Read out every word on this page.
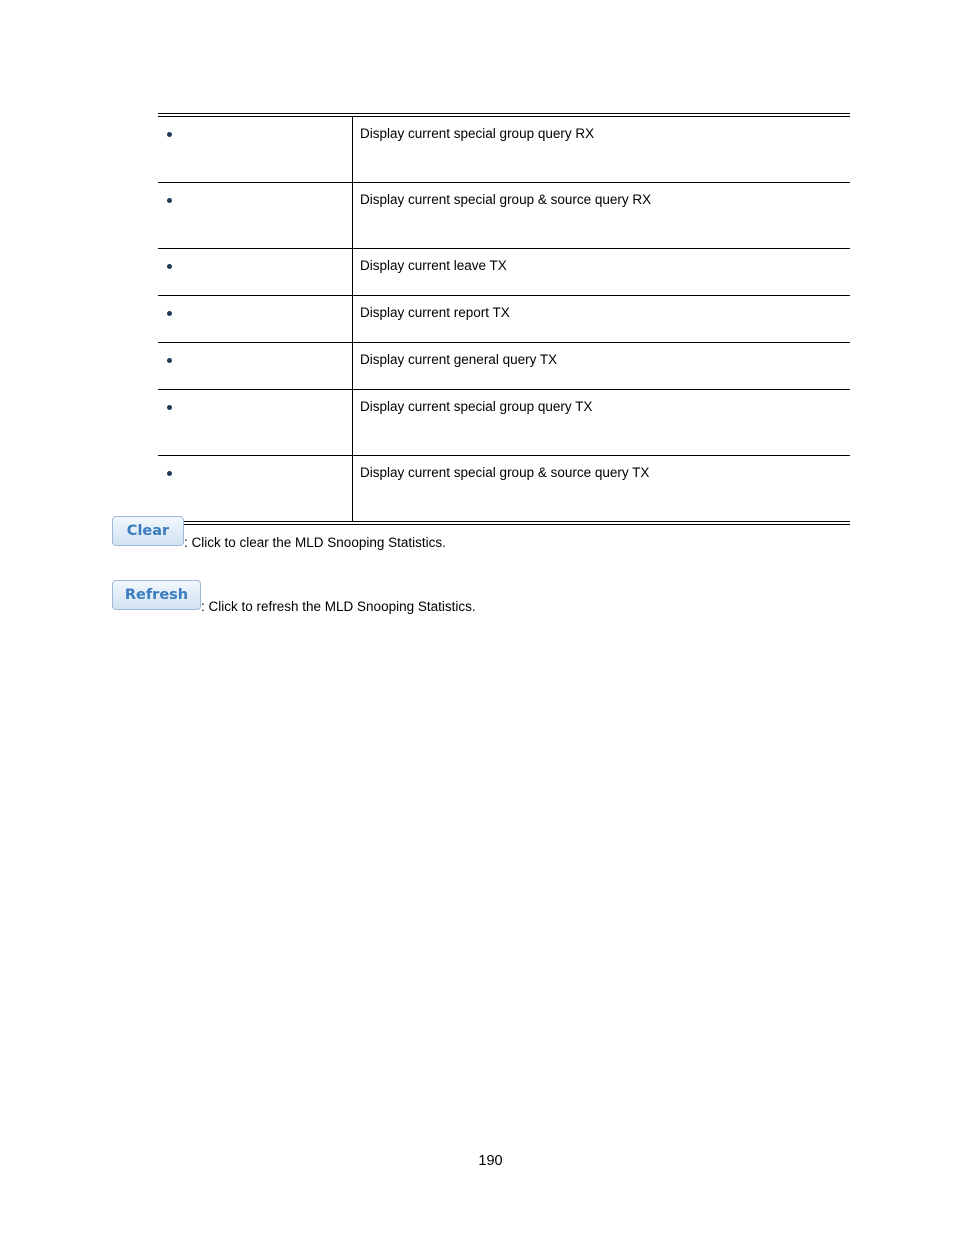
	Display current special group query RX
	Display current special group & source query RX
	Display current leave TX
	Display current report TX
	Display current general query TX
	Display current special group query TX
	Display current special group & source query TX
Clear
: Click to clear the MLD Snooping Statistics.
Refresh
: Click to refresh the MLD Snooping Statistics.
190
